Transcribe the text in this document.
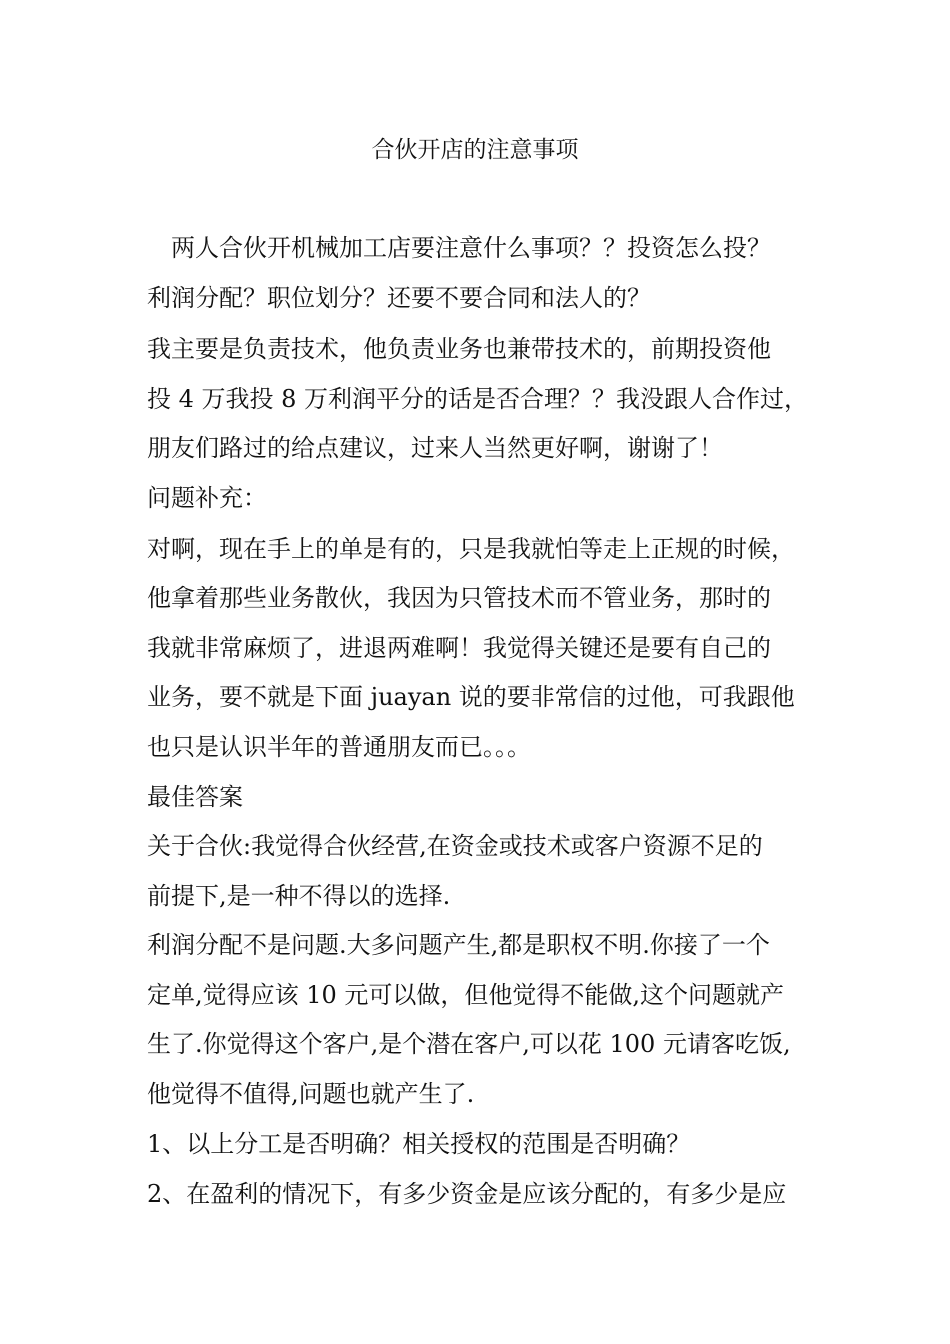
合伙开店的注意事项

　两人合伙开机械加工店要注意什么事项？？投资怎么投？

利润分配？职位划分？还要不要合同和法人的？

我主要是负责技术，他负责业务也兼带技术的，前期投资他

投 4 万我投 8 万利润平分的话是否合理？？我没跟人合作过，

朋友们路过的给点建议，过来人当然更好啊，谢谢了！

问题补充：

对啊，现在手上的单是有的，只是我就怕等走上正规的时候，

他拿着那些业务散伙，我因为只管技术而不管业务，那时的

我就非常麻烦了，进退两难啊！我觉得关键还是要有自己的

业务，要不就是下面 juayan 说的要非常信的过他，可我跟他

也只是认识半年的普通朋友而已。。。

最佳答案

关于合伙:我觉得合伙经营,在资金或技术或客户资源不足的

前提下,是一种不得以的选择.

利润分配不是问题.大多问题产生,都是职权不明.你接了一个

定单,觉得应该 10 元可以做，但他觉得不能做,这个问题就产

生了.你觉得这个客户,是个潜在客户,可以花 100 元请客吃饭,

他觉得不值得,问题也就产生了.

1、以上分工是否明确？相关授权的范围是否明确？

2、在盈利的情况下，有多少资金是应该分配的，有多少是应
